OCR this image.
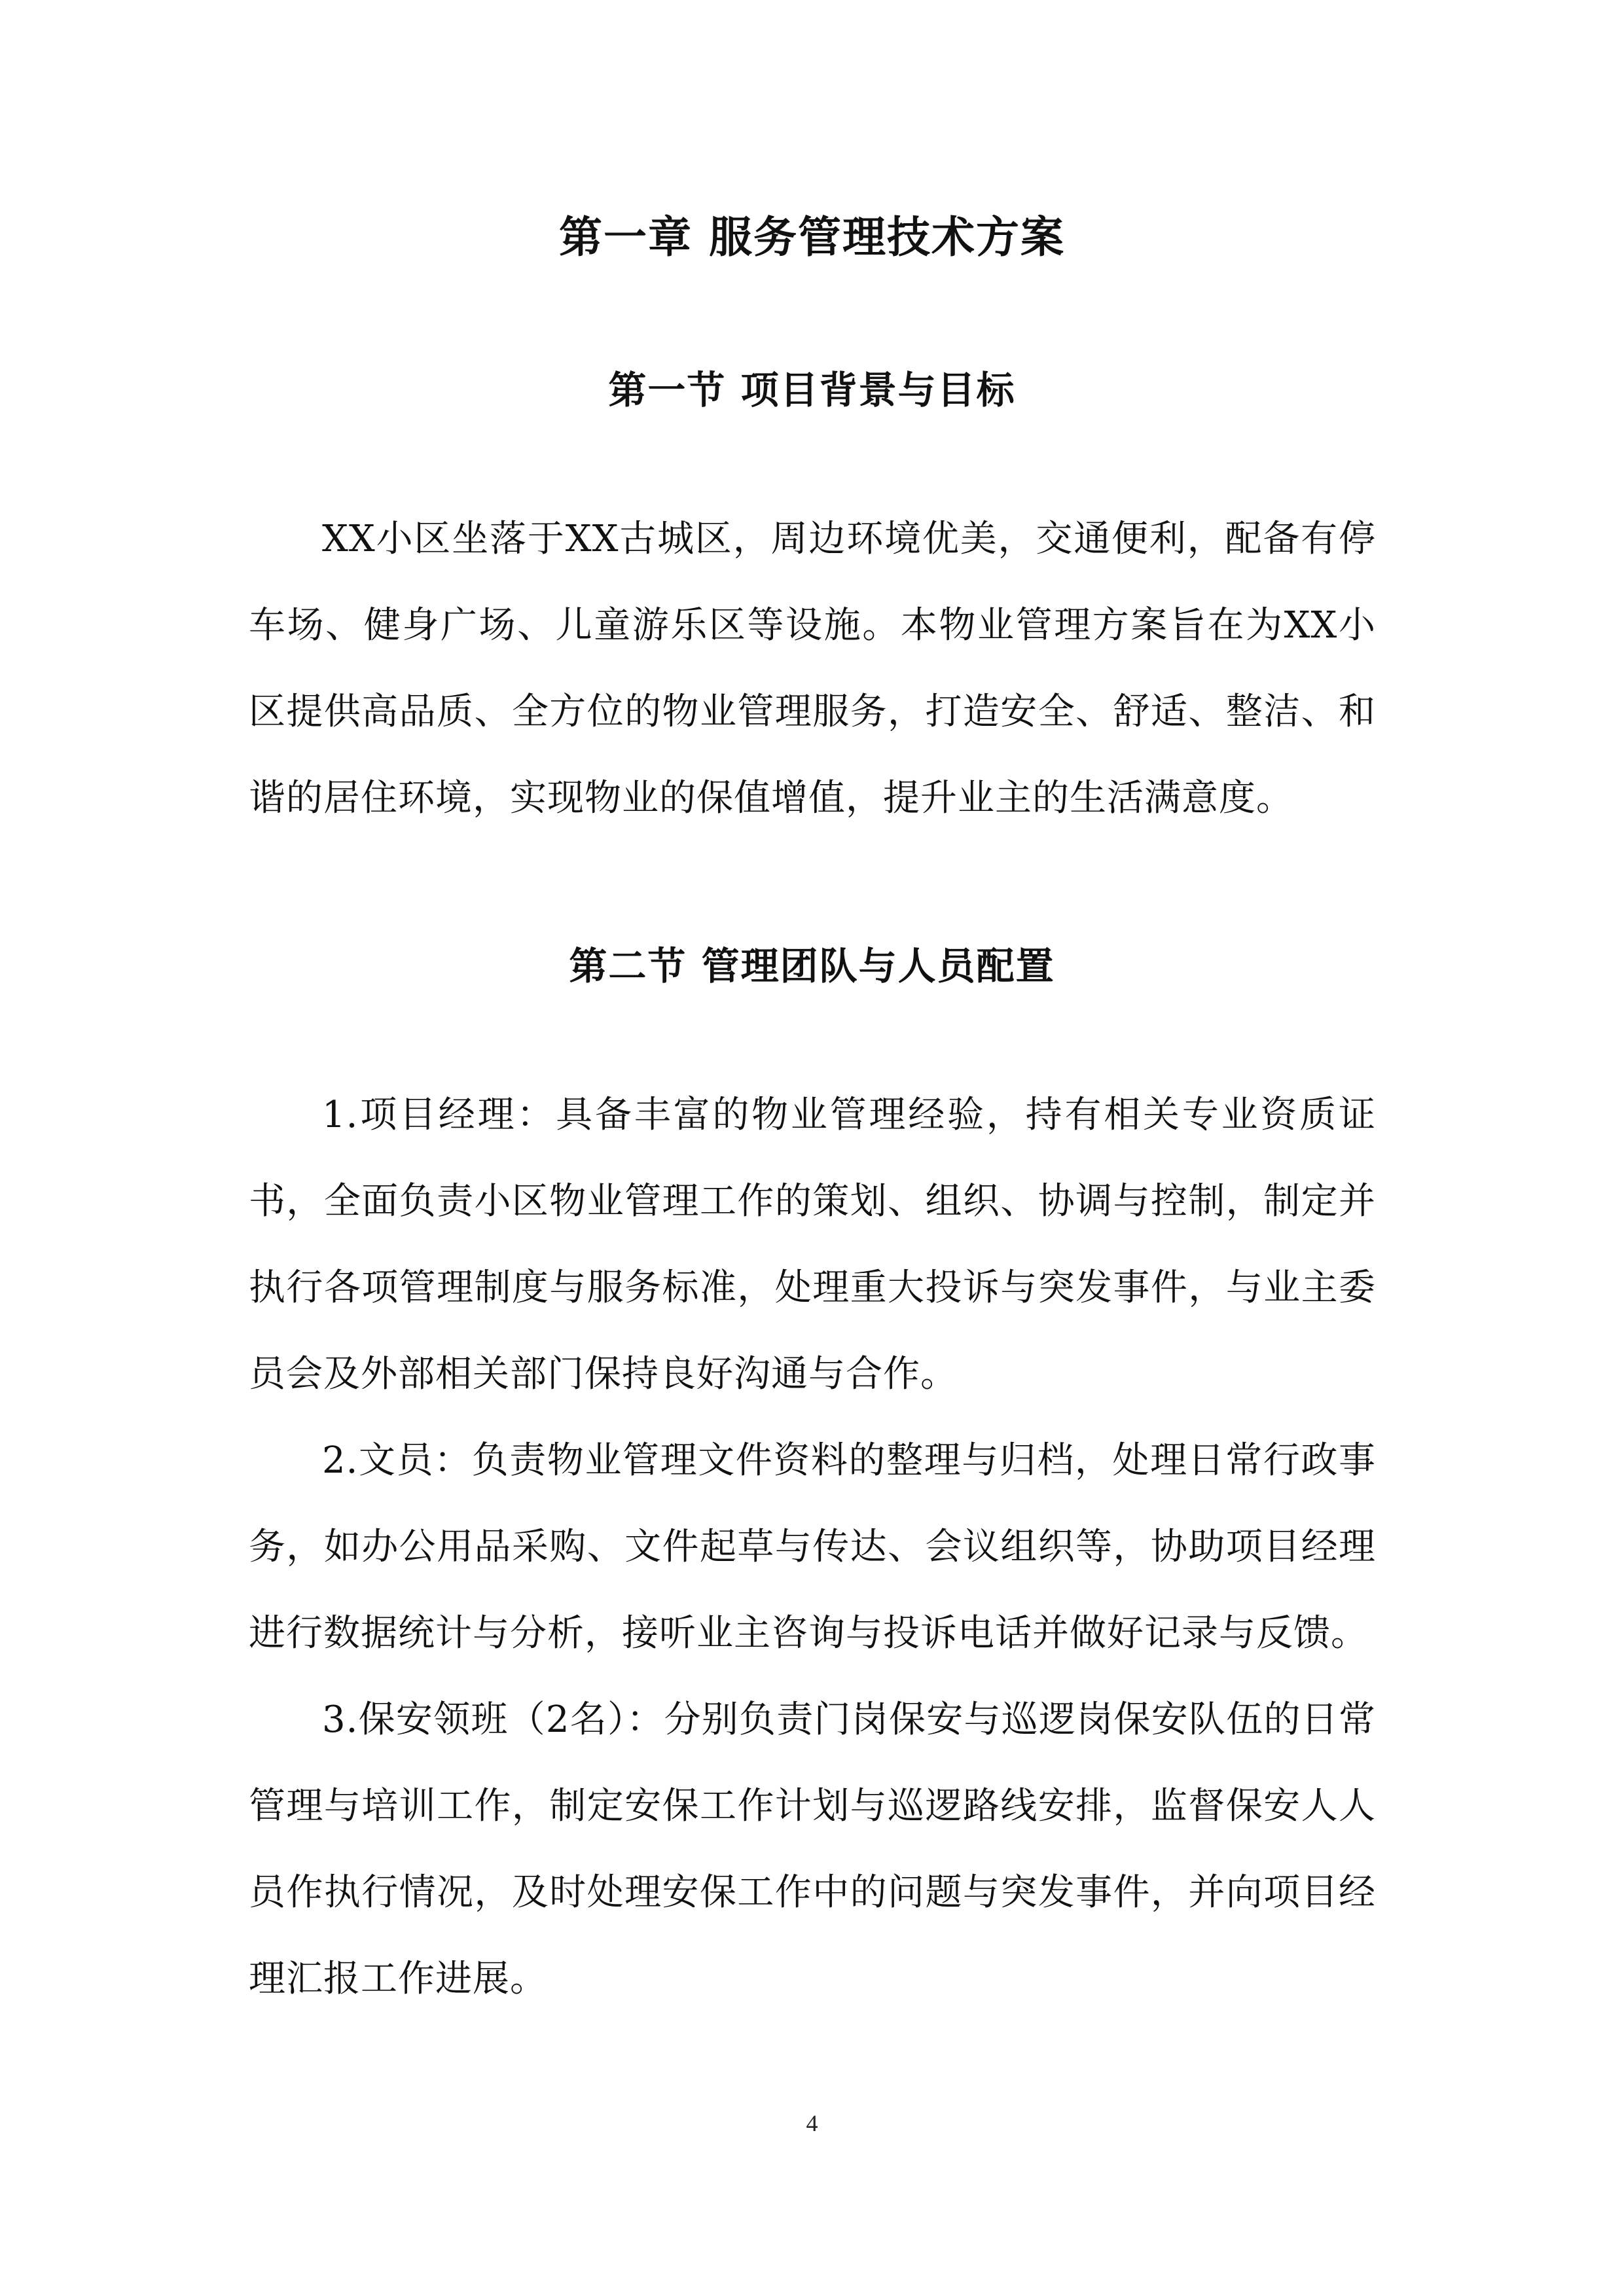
第一章 服务管理技术方案
第一节 项目背景与目标

XX小区坐落于XX古城区，周边环境优美，交通便利，配备有停车场、健身广场、儿童游乐区等设施。本物业管理方案旨在为XX小区提供高品质、全方位的物业管理服务，打造安全、舒适、整洁、和谐的居住环境，实现物业的保值增值，提升业主的生活满意度。

第二节 管理团队与人员配置

1.项目经理：具备丰富的物业管理经验，持有相关专业资质证书，全面负责小区物业管理工作的策划、组织、协调与控制，制定并执行各项管理制度与服务标准，处理重大投诉与突发事件，与业主委员会及外部相关部门保持良好沟通与合作。

2.文员：负责物业管理文件资料的整理与归档，处理日常行政事务，如办公用品采购、文件起草与传达、会议组织等，协助项目经理进行数据统计与分析，接听业主咨询与投诉电话并做好记录与反馈。

3.保安领班（2名）：分别负责门岗保安与巡逻岗保安队伍的日常管理与培训工作，制定安保工作计划与巡逻路线安排，监督保安人人员作执行情况，及时处理安保工作中的问题与突发事件，并向项目经理汇报工作进展。

4
